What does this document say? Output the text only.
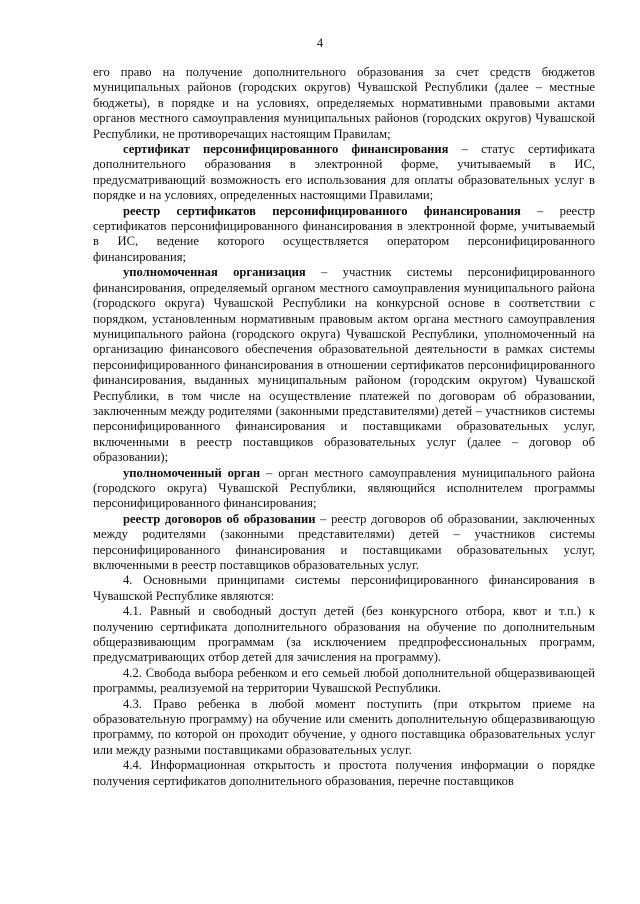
4

его право на получение дополнительного образования за счет средств бюджетов муниципальных районов (городских округов) Чувашской Республики (далее – местные бюджеты), в порядке и на условиях, определяемых нормативными правовыми актами органов местного самоуправления муниципальных районов (городских округов) Чувашской Республики, не противоречащих настоящим Правилам;

сертификат персонифицированного финансирования – статус сертификата дополнительного образования в электронной форме, учитываемый в ИС, предусматривающий возможность его использования для оплаты образовательных услуг в порядке и на условиях, определенных настоящими Правилами;

реестр сертификатов персонифицированного финансирования – реестр сертификатов персонифицированного финансирования в электронной форме, учитываемый в ИС, ведение которого осуществляется оператором персонифицированного финансирования;

уполномоченная организация – участник системы персонифицированного финансирования, определяемый органом местного самоуправления муниципального района (городского округа) Чувашской Республики на конкурсной основе в соответствии с порядком, установленным нормативным правовым актом органа местного самоуправления муниципального района (городского округа) Чувашской Республики, уполномоченный на организацию финансового обеспечения образовательной деятельности в рамках системы персонифицированного финансирования в отношении сертификатов персонифицированного финансирования, выданных муниципальным районом (городским округом) Чувашской Республики, в том числе на осуществление платежей по договорам об образовании, заключенным между родителями (законными представителями) детей – участников системы персонифицированного финансирования и поставщиками образовательных услуг, включенными в реестр поставщиков образовательных услуг (далее – договор об образовании);

уполномоченный орган – орган местного самоуправления муниципального района (городского округа) Чувашской Республики, являющийся исполнителем программы персонифицированного финансирования;

реестр договоров об образовании – реестр договоров об образовании, заключенных между родителями (законными представителями) детей – участников системы персонифицированного финансирования и поставщиками образовательных услуг, включенными в реестр поставщиков образовательных услуг.

4. Основными принципами системы персонифицированного финансирования в Чувашской Республике являются:

4.1. Равный и свободный доступ детей (без конкурсного отбора, квот и т.п.) к получению сертификата дополнительного образования на обучение по дополнительным общеразвивающим программам (за исключением предпрофессиональных программ, предусматривающих отбор детей для зачисления на программу).

4.2. Свобода выбора ребенком и его семьей любой дополнительной общеразвивающей программы, реализуемой на территории Чувашской Республики.

4.3. Право ребенка в любой момент поступить (при открытом приеме на образовательную программу) на обучение или сменить дополнительную общеразвивающую программу, по которой он проходит обучение, у одного поставщика образовательных услуг или между разными поставщиками образовательных услуг.

4.4. Информационная открытость и простота получения информации о порядке получения сертификатов дополнительного образования, перечне поставщиков
